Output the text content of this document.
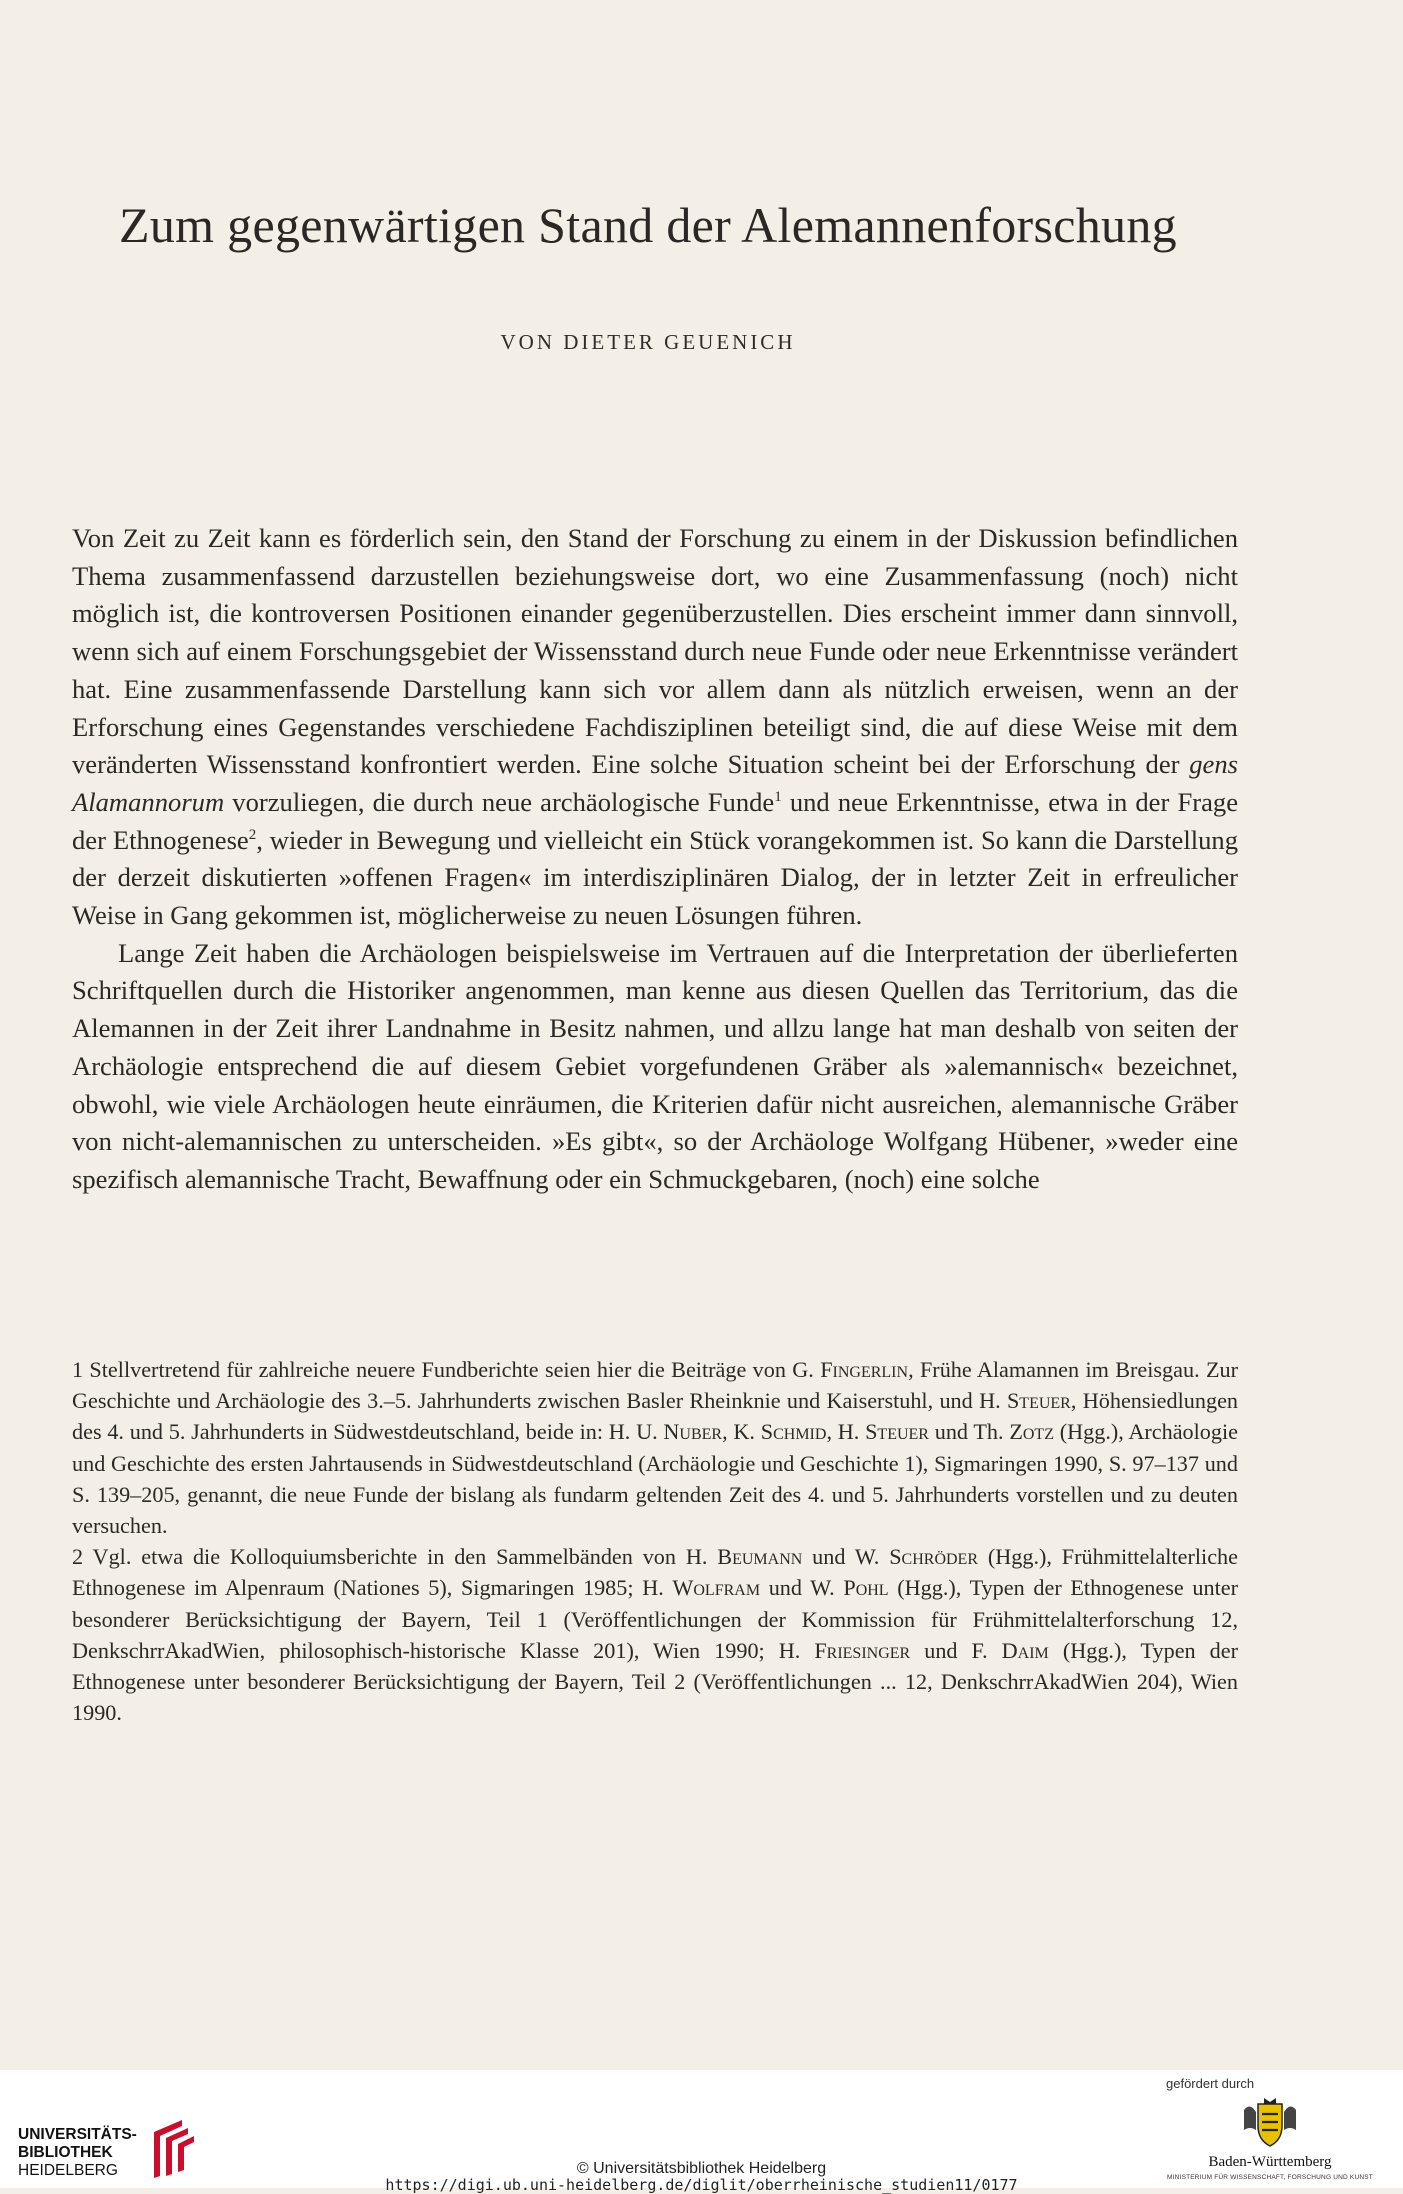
Zum gegenwärtigen Stand der Alemannenforschung
VON DIETER GEUENICH

Von Zeit zu Zeit kann es förderlich sein, den Stand der Forschung zu einem in der Diskussion befindlichen Thema zusammenfassend darzustellen beziehungsweise dort, wo eine Zusammenfassung (noch) nicht möglich ist, die kontroversen Positionen einander gegenüberzustellen. Dies erscheint immer dann sinnvoll, wenn sich auf einem Forschungsgebiet der Wissensstand durch neue Funde oder neue Erkenntnisse verändert hat. Eine zusammenfassende Darstellung kann sich vor allem dann als nützlich erweisen, wenn an der Erforschung eines Gegenstandes verschiedene Fachdisziplinen beteiligt sind, die auf diese Weise mit dem veränderten Wissensstand konfrontiert werden. Eine solche Situation scheint bei der Erforschung der gens Alamannorum vorzuliegen, die durch neue archäologische Funde$^1$ und neue Erkenntnisse, etwa in der Frage der Ethnogenese$^2$, wieder in Bewegung und vielleicht ein Stück vorangekommen ist. So kann die Darstellung der derzeit diskutierten »offenen Fragen« im interdisziplinären Dialog, der in letzter Zeit in erfreulicher Weise in Gang gekommen ist, möglicherweise zu neuen Lösungen führen.

Lange Zeit haben die Archäologen beispielsweise im Vertrauen auf die Interpretation der überlieferten Schriftquellen durch die Historiker angenommen, man kenne aus diesen Quellen das Territorium, das die Alemannen in der Zeit ihrer Landnahme in Besitz nahmen, und allzu lange hat man deshalb von seiten der Archäologie entsprechend die auf diesem Gebiet vorgefundenen Gräber als »alemannisch« bezeichnet, obwohl, wie viele Archäologen heute einräumen, die Kriterien dafür nicht ausreichen, alemannische Gräber von nicht-alemannischen zu unterscheiden. »Es gibt«, so der Archäologe Wolfgang Hübener, »weder eine spezifisch alemannische Tracht, Bewaffnung oder ein Schmuckgebaren, (noch) eine solche

1 Stellvertretend für zahlreiche neuere Fundberichte seien hier die Beiträge von G. Fingerlin, Frühe Alamannen im Breisgau. Zur Geschichte und Archäologie des 3.–5. Jahrhunderts zwischen Basler Rheinknie und Kaiserstuhl, und H. Steuer, Höhensiedlungen des 4. und 5. Jahrhunderts in Südwestdeutschland, beide in: H. U. Nuber, K. Schmid, H. Steuer und Th. Zotz (Hgg.), Archäologie und Geschichte des ersten Jahrtausends in Südwestdeutschland (Archäologie und Geschichte 1), Sigmaringen 1990, S. 97–137 und S. 139–205, genannt, die neue Funde der bislang als fundarm geltenden Zeit des 4. und 5. Jahrhunderts vorstellen und zu deuten versuchen.

2 Vgl. etwa die Kolloquiumsberichte in den Sammelbänden von H. Beumann und W. Schröder (Hgg.), Frühmittelalterliche Ethnogenese im Alpenraum (Nationes 5), Sigmaringen 1985; H. Wolfram und W. Pohl (Hgg.), Typen der Ethnogenese unter besonderer Berücksichtigung der Bayern, Teil 1 (Veröffentlichungen der Kommission für Frühmittelalterforschung 12, DenkschrrAkadWien, philosophisch-historische Klasse 201), Wien 1990; H. Friesinger und F. Daim (Hgg.), Typen der Ethnogenese unter besonderer Berücksichtigung der Bayern, Teil 2 (Veröffentlichungen ... 12, DenkschrrAkadWien 204), Wien 1990.

UNIVERSITÄTS-
BIBLIOTHEK
HEIDELBERG	© Universitätsbibliothek Heidelberg
https://digi.ub.uni-heidelberg.de/diglit/oberrheinische_studien11/0177
gefördert durch
Baden-Württemberg
MINISTERIUM FÜR WISSENSCHAFT, FORSCHUNG UND KUNST
